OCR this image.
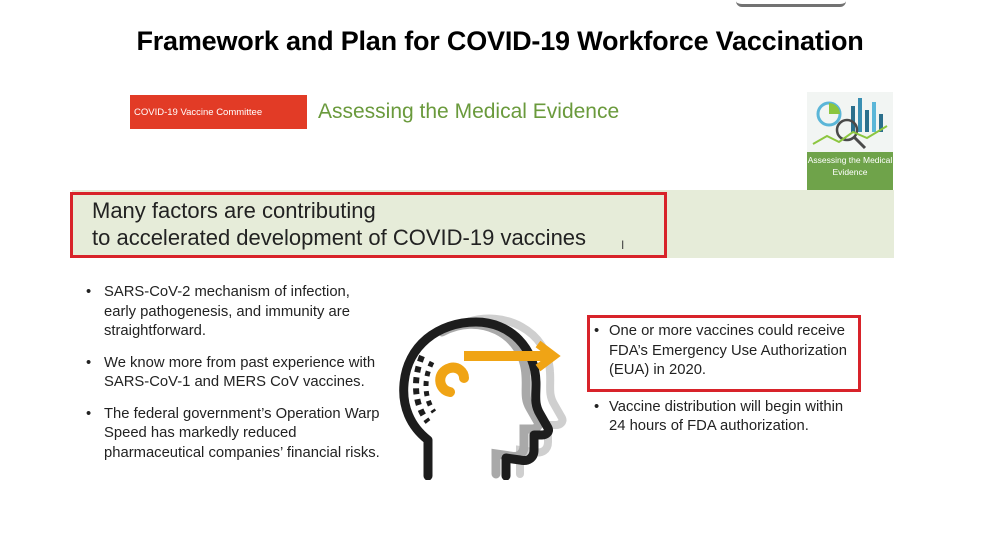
Framework and Plan for COVID-19 Workforce Vaccination
COVID-19 Vaccine Committee	Assessing the Medical Evidence
Assessing the Medical Evidence
Many factors are contributing
to accelerated development of COVID-19 vaccines	I
• SARS-CoV-2 mechanism of infection, early pathogenesis, and immunity are straightforward.
• We know more from past experience with SARS-CoV-1 and MERS CoV vaccines.
• The federal government’s Operation Warp Speed has markedly reduced pharmaceutical companies’ financial risks.
• One or more vaccines could receive FDA’s Emergency Use Authorization (EUA) in 2020.
• Vaccine distribution will begin within 24 hours of FDA authorization.
